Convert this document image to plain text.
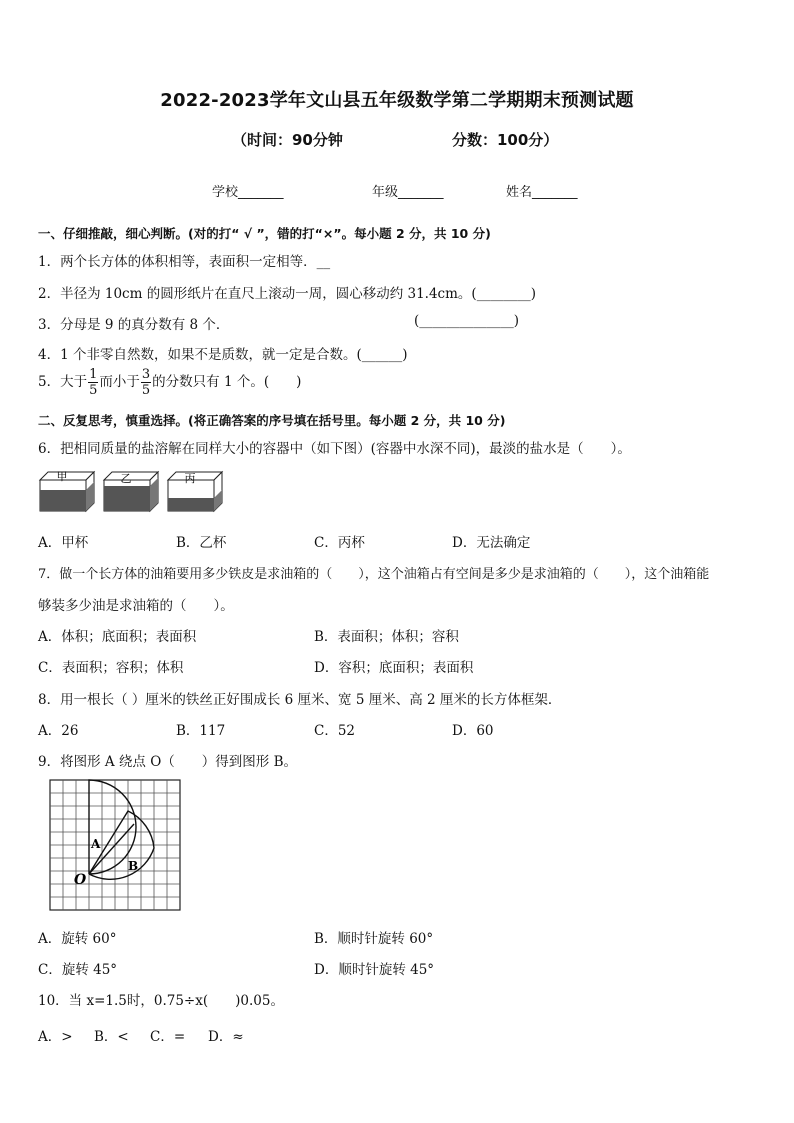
2022-2023学年文山县五年级数学第二学期期末预测试题
（时间：90分钟	分数：100分）
学校_______	年级_______	姓名_______
一、仔细推敲，细心判断。(对的打“ √ ”，错的打“×”。每小题 2 分，共 10 分)
1．两个长方体的体积相等，表面积一定相等．__
2．半径为 10cm 的圆形纸片在直尺上滚动一周，圆心移动约 31.4cm。(________)
3．分母是 9 的真分数有 8 个．	(______________)
4．1 个非零自然数，如果不是质数，就一定是合数。(______)
5．大于 $\frac{1}{5}$ 而小于 $\frac{3}{5}$ 的分数只有 1 个。(　　)
二、反复思考，慎重选择。(将正确答案的序号填在括号里。每小题 2 分，共 10 分)
6．把相同质量的盐溶解在同样大小的容器中（如下图）(容器中水深不同)，最淡的盐水是（　　）。
甲	乙	丙
A．甲杯	B．乙杯	C．丙杯	D．无法确定
7．做一个长方体的油箱要用多少铁皮是求油箱的（　　），这个油箱占有空间是多少是求油箱的（　　），这个油箱能
够装多少油是求油箱的（　　）。
A．体积；底面积；表面积	B．表面积；体积；容积
C．表面积；容积；体积	D．容积；底面积；表面积
8．用一根长（ ）厘米的铁丝正好围成长 6 厘米、宽 5 厘米、高 2 厘米的长方体框架．
A．26	B．117	C．52	D．60
9．将图形 A 绕点 O（　　）得到图形 B。
A
B
O
A．旋转 60°	B．顺时针旋转 60°
C．旋转 45°	D．顺时针旋转 45°
10．当 x=1.5时，0.75÷x(　　)0.05。
A．> B．< C．= D．≈
